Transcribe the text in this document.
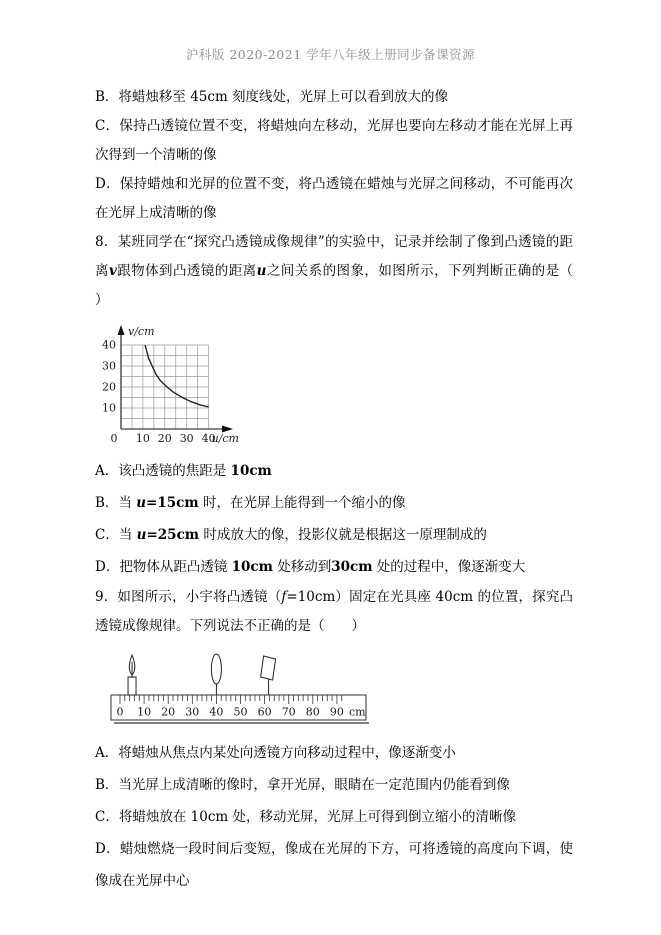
沪科版 2020-2021 学年八年级上册同步备课资源

B．将蜡烛移至 45cm 刻度线处，光屏上可以看到放大的像

C．保持凸透镜位置不变，将蜡烛向左移动，光屏也要向左移动才能在光屏上再次得到一个清晰的像

D．保持蜡烛和光屏的位置不变，将凸透镜在蜡烛与光屏之间移动，不可能再次在光屏上成清晰的像

8．某班同学在“探究凸透镜成像规律”的实验中，记录并绘制了像到凸透镜的距离v跟物体到凸透镜的距离u之间关系的图象，如图所示，下列判断正确的是（　　）

10
20
30
40
0 10 20 30 40
v/cm
u/cm

A．该凸透镜的焦距是 10cm

B．当 u=15cm 时，在光屏上能得到一个缩小的像

C．当 u=25cm 时成放大的像，投影仪就是根据这一原理制成的

D．把物体从距凸透镜 10cm 处移动到30cm 处的过程中，像逐渐变大

9．如图所示，小宇将凸透镜（f=10cm）固定在光具座 40cm 的位置，探究凸透镜成像规律。下列说法不正确的是（　　）

0 10 20 30 40 50 60 70 80 90 cm

A．将蜡烛从焦点内某处向透镜方向移动过程中，像逐渐变小

B．当光屏上成清晰的像时，拿开光屏，眼睛在一定范围内仍能看到像

C．将蜡烛放在 10cm 处，移动光屏，光屏上可得到倒立缩小的清晰像

D．蜡烛燃烧一段时间后变短，像成在光屏的下方，可将透镜的高度向下调，使像成在光屏中心
